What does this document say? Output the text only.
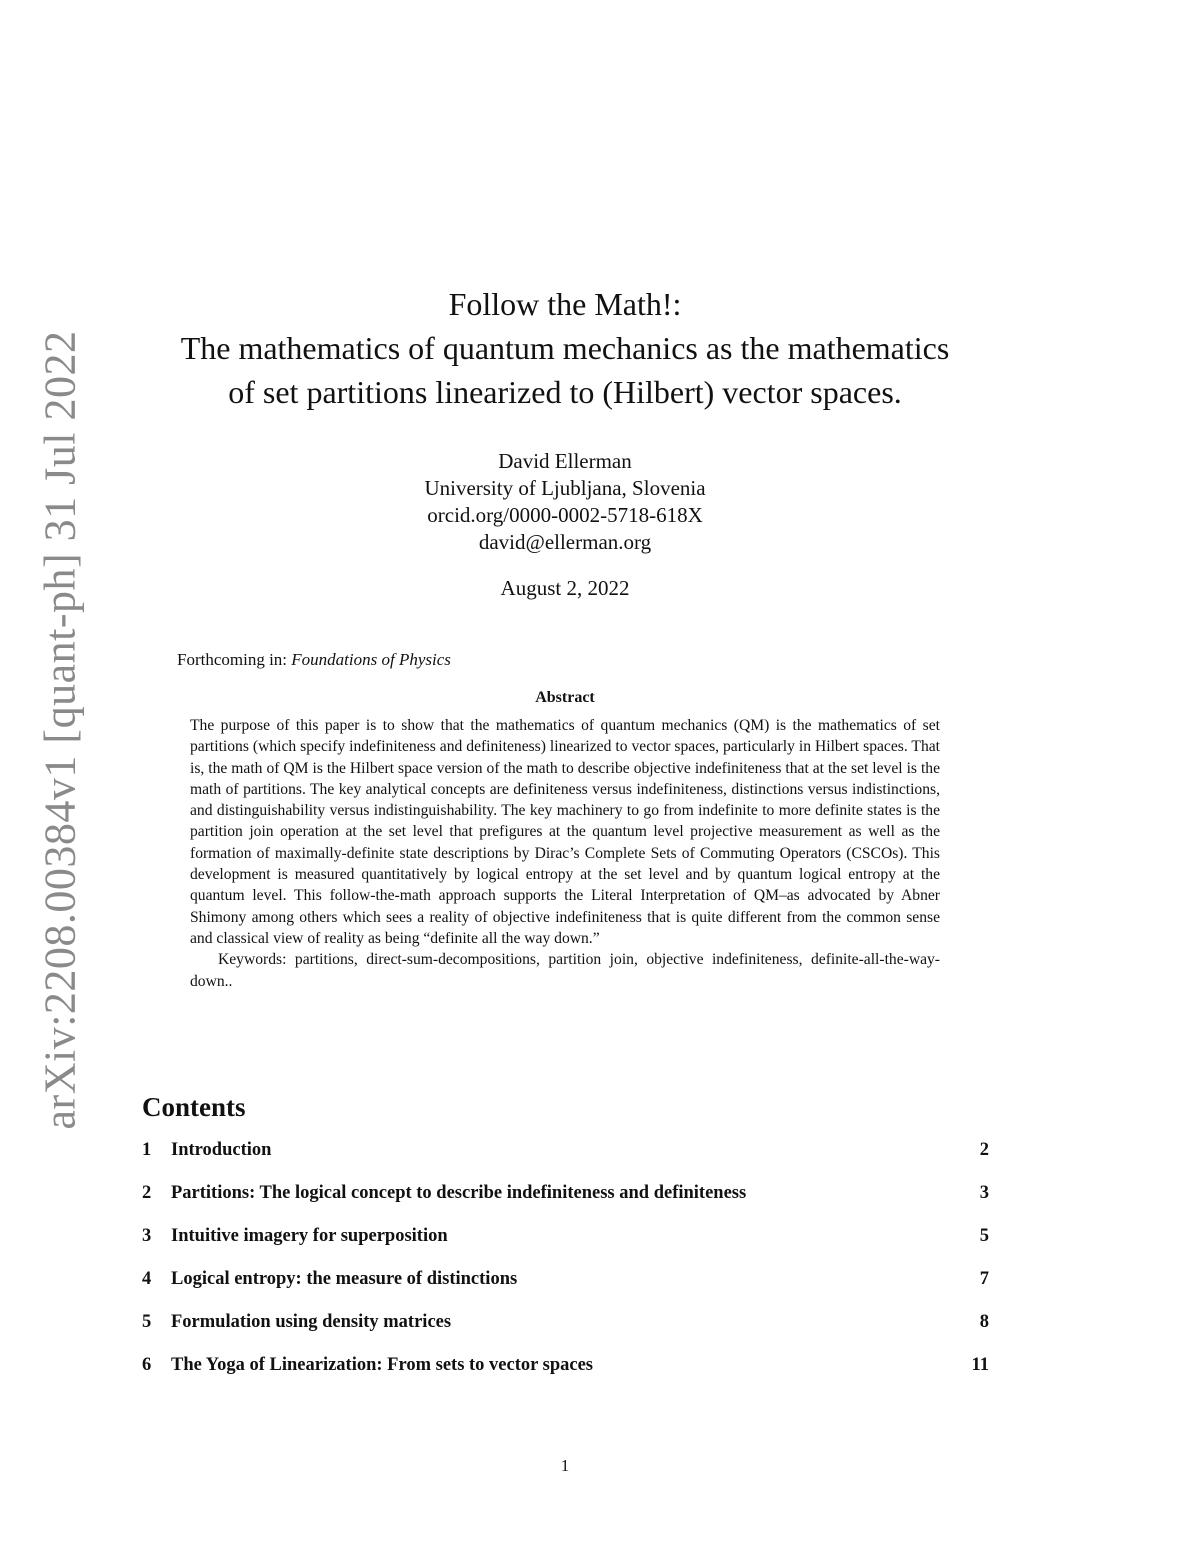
arXiv:2208.00384v1 [quant-ph] 31 Jul 2022
Follow the Math!:
The mathematics of quantum mechanics as the mathematics
of set partitions linearized to (Hilbert) vector spaces.
David Ellerman
University of Ljubljana, Slovenia
orcid.org/0000-0002-5718-618X
david@ellerman.org
August 2, 2022
Forthcoming in: Foundations of Physics
Abstract

The purpose of this paper is to show that the mathematics of quantum mechanics (QM) is the mathematics of set partitions (which specify indefiniteness and definiteness) linearized to vector spaces, particularly in Hilbert spaces. That is, the math of QM is the Hilbert space version of the math to describe objective indefiniteness that at the set level is the math of partitions. The key analytical concepts are definiteness versus indefiniteness, distinctions versus indistinctions, and distinguishability versus indistinguishability. The key machinery to go from indefinite to more definite states is the partition join operation at the set level that prefigures at the quantum level projective measurement as well as the formation of maximally-definite state descriptions by Dirac’s Complete Sets of Commuting Operators (CSCOs). This development is measured quantitatively by logical entropy at the set level and by quantum logical entropy at the quantum level. This follow-the-math approach supports the Literal Interpretation of QM–as advocated by Abner Shimony among others which sees a reality of objective indefiniteness that is quite different from the common sense and classical view of reality as being “definite all the way down.”

Keywords: partitions, direct-sum-decompositions, partition join, objective indefiniteness, definite-all-the-way-down..

Contents
1	Introduction	2
2	Partitions: The logical concept to describe indefiniteness and definiteness	3
3	Intuitive imagery for superposition	5
4	Logical entropy: the measure of distinctions	7
5	Formulation using density matrices	8
6	The Yoga of Linearization: From sets to vector spaces	11
1
